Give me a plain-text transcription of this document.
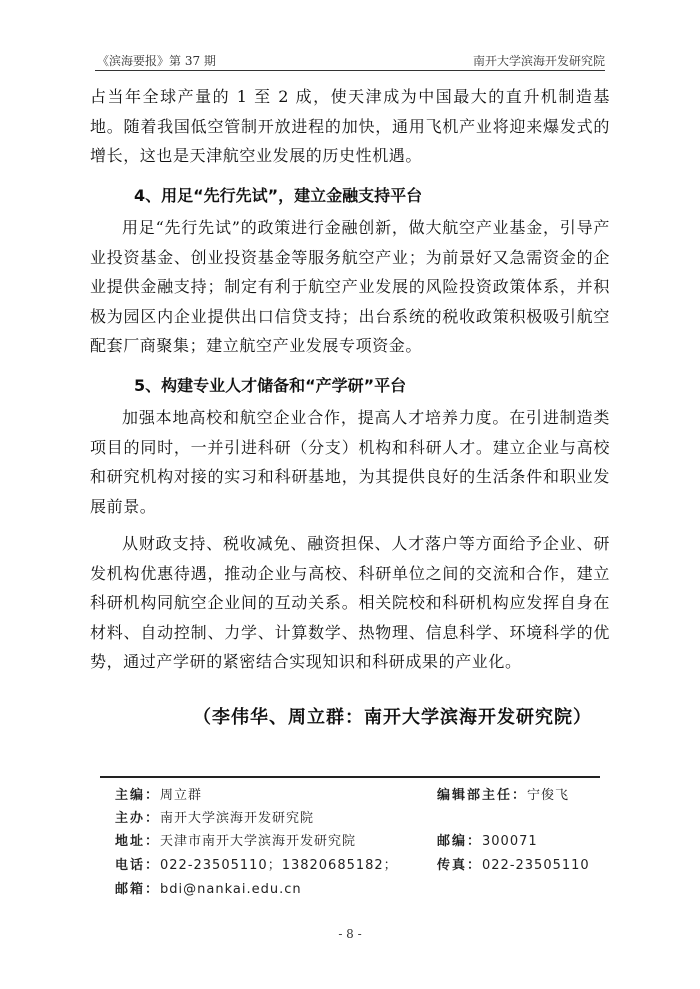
《滨海要报》第 37 期	南开大学滨海开发研究院

占当年全球产量的 1 至 2 成，使天津成为中国最大的直升机制造基地。随着我国低空管制开放进程的加快，通用飞机产业将迎来爆发式的增长，这也是天津航空业发展的历史性机遇。

4、用足“先行先试”，建立金融支持平台

用足“先行先试”的政策进行金融创新，做大航空产业基金，引导产业投资基金、创业投资基金等服务航空产业；为前景好又急需资金的企业提供金融支持；制定有利于航空产业发展的风险投资政策体系，并积极为园区内企业提供出口信贷支持；出台系统的税收政策积极吸引航空配套厂商聚集；建立航空产业发展专项资金。

5、构建专业人才储备和“产学研”平台

加强本地高校和航空企业合作，提高人才培养力度。在引进制造类项目的同时，一并引进科研（分支）机构和科研人才。建立企业与高校和研究机构对接的实习和科研基地，为其提供良好的生活条件和职业发展前景。

从财政支持、税收减免、融资担保、人才落户等方面给予企业、研发机构优惠待遇，推动企业与高校、科研单位之间的交流和合作，建立科研机构同航空企业间的互动关系。相关院校和科研机构应发挥自身在材料、自动控制、力学、计算数学、热物理、信息科学、环境科学的优势，通过产学研的紧密结合实现知识和科研成果的产业化。

（李伟华、周立群：南开大学滨海开发研究院）
主编：周立群	编辑部主任：宁俊飞
主办：南开大学滨海开发研究院
地址：天津市南开大学滨海开发研究院	邮编：300071
电话：022-23505110；13820685182；	传真：022-23505110
邮箱：bdi@nankai.edu.cn
- 8 -
